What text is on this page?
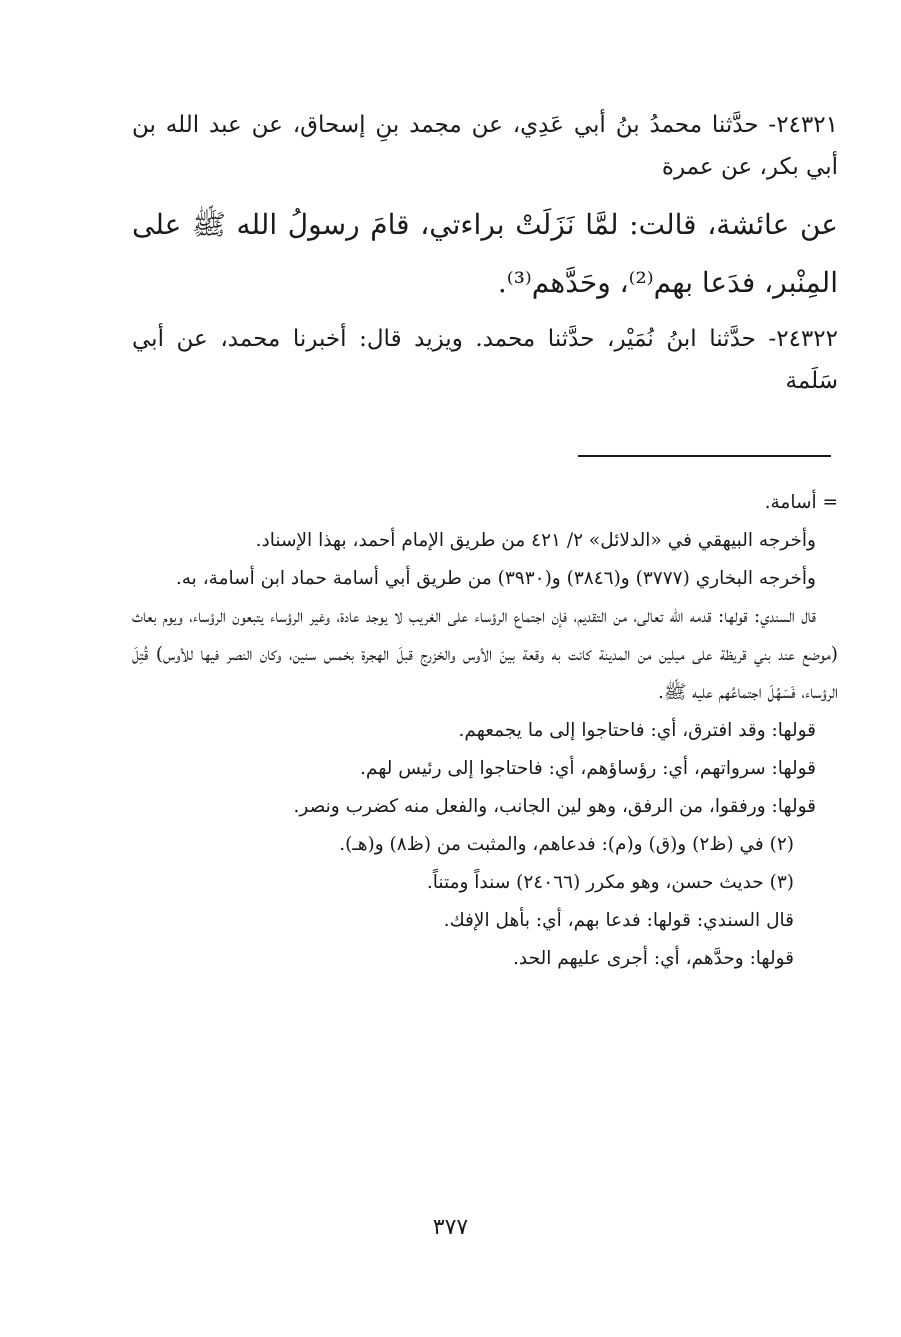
٢٤٣٢١- حدَّثنا محمدُ بنُ أبي عَدِي، عن مجمد بنِ إسحاق، عن عبد الله بن أبي بكر، عن عمرة

عن عائشة، قالت: لمَّا نَزَلَتْ براءتي، قامَ رسولُ الله ﷺ على المِنْبر، فدَعا بهم⁽²⁾، وحَدَّهم⁽³⁾.

٢٤٣٢٢- حدَّثنا ابنُ نُمَيْر، حدَّثنا محمد. ويزيد قال: أخبرنا محمد، عن أبي سَلَمة

= أسامة.

وأخرجه البيهقي في «الدلائل» ٢/ ٤٢١ من طريق الإمام أحمد، بهذا الإسناد.

وأخرجه البخاري (٣٧٧٧) و(٣٨٤٦) و(٣٩٣٠) من طريق أبي أسامة حماد ابن أسامة، به.

قال السندي: قولها: قدمه الله تعالى، من التقديم، فإن اجتماع الرؤساء على الغريب لا يوجد عادة، وغير الرؤساء يتبعون الرؤساء، ويوم بعاث (موضع عند بني قريظة على ميلين من المدينة كانت به وقعة بينَ الأوس والخزرج قبلَ الهجرة بخمس سنين، وكان النصر فيها للأوس) قُتِلَ الرؤساء، فَسَهُلَ اجتماعُهم عليه ﷺ.

قولها: وقد افترق، أي: فاحتاجوا إلى ما يجمعهم.

قولها: سرواتهم، أي: رؤساؤهم، أي: فاحتاجوا إلى رئيس لهم.

قولها: ورفقوا، من الرفق، وهو لين الجانب، والفعل منه كضرب ونصر.

(٢) في (ظ٢) و(ق) و(م): فدعاهم، والمثبت من (ظ٨) و(هـ).

(٣) حديث حسن، وهو مكرر (٢٤٠٦٦) سنداً ومتناً.

قال السندي: قولها: فدعا بهم، أي: بأهل الإفك.

قولها: وحدَّهم، أي: أجرى عليهم الحد.

٣٧٧
